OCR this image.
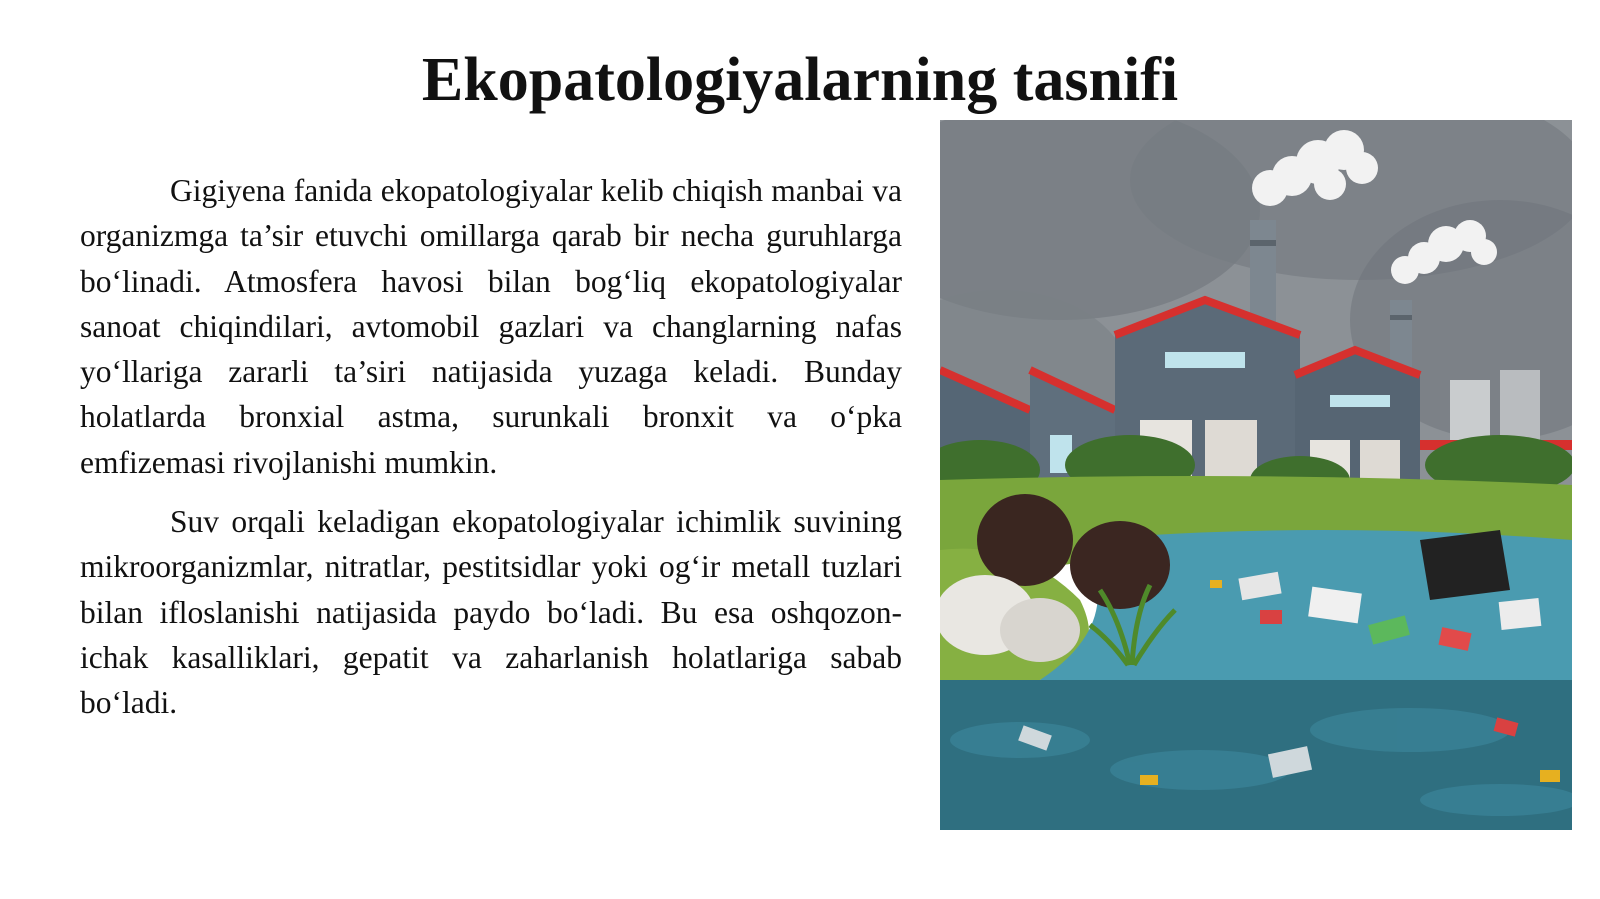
Ekopatologiyalarning tasnifi

Gigiyena fanida ekopatologiyalar kelib chiqish manbai va organizmga ta’sir etuvchi omillarga qarab bir necha guruhlarga bo‘linadi. Atmosfera havosi bilan bog‘liq ekopatologiyalar sanoat chiqindilari, avtomobil gazlari va changlarning nafas yo‘llariga zararli ta’siri natijasida yuzaga keladi. Bunday holatlarda bronxial astma, surunkali bronxit va o‘pka emfizemasi rivojlanishi mumkin.

Suv orqali keladigan ekopatologiyalar ichimlik suvining mikroorganizmlar, nitratlar, pestitsidlar yoki og‘ir metall tuzlari bilan ifloslanishi natijasida paydo bo‘ladi. Bu esa oshqozon-ichak kasalliklari, gepatit va zaharlanish holatlariga sabab bo‘ladi.
